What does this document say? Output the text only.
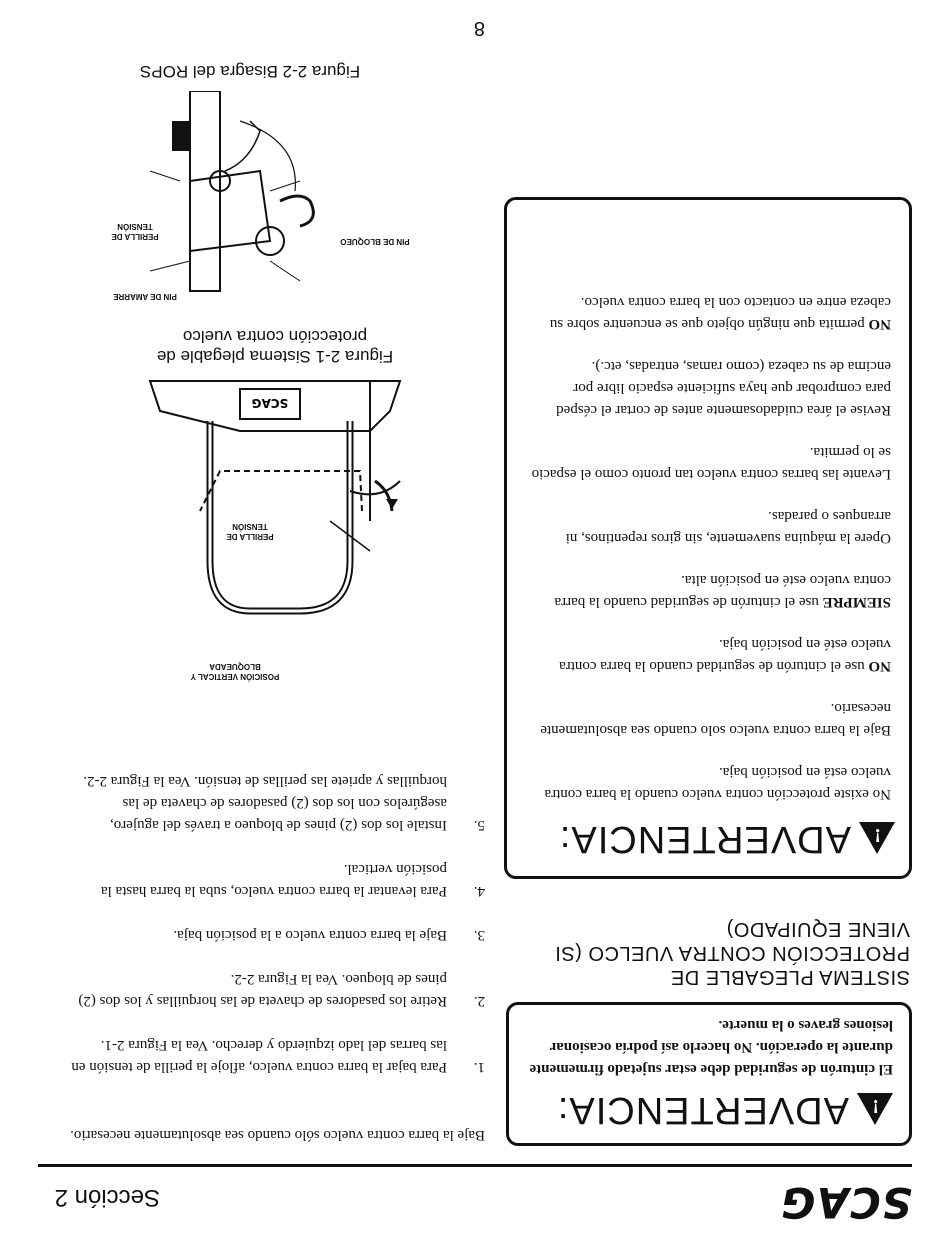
SCAG
Sección 2
!
ADVERTENCIA:
El cinturón de seguridad debe estar sujetado firmemente durante la operación. No hacerlo así podría ocasionar lesiones graves o la muerte.
SISTEMA PLEGABLE DE PROTECCIÓN CONTRA VUELCO (SI VIENE EQUIPADO)
!
ADVERTENCIA:

No existe protección contra vuelco cuando la barra contra vuelco está en posición baja.

Baje la barra contra vuelco solo cuando sea absolutamente necesario.

NO use el cinturón de seguridad cuando la barra contra vuelco esté en posición baja.

SIEMPRE use el cinturón de seguridad cuando la barra contra vuelco esté en posición alta.

Opere la máquina suavemente, sin giros repentinos, ni arranques o paradas.

Levante las barras contra vuelco tan pronto como el espacio se lo permita.

Revise el área cuidadosamente antes de cortar el césped para comprobar que haya suficiente espacio libre por encima de su cabeza (como ramas, entradas, etc.).

NO permita que ningún objeto que se encuentre sobre su cabeza entre en contacto con la barra contra vuelco.

Baje la barra contra vuelco sólo cuando sea absolutamente necesario.
1.
Para bajar la barra contra vuelco, afloje la perilla de tensión en las barras del lado izquierdo y derecho. Vea la Figura 2-1.
2.
Retire los pasadores de chaveta de las horquillas y los dos (2) pines de bloqueo. Vea la Figura 2-2.
3.
Baje la barra contra vuelco a la posición baja.
4.
Para levantar la barra contra vuelco, suba la barra hasta la posición vertical.
5.
Instale los dos (2) pines de bloqueo a través del agujero, asegúrelos con los dos (2) pasadores de chaveta de las horquillas y apriete las perillas de tensión. Vea la Figura 2-2.
SCAG
POSICIÓN VERTICAL Y BLOQUEADA
PERILLA DE TENSIÓN
Figura 2-1 Sistema plegable de protección contra vuelco
PIN DE BLOQUEO
PIN DE AMARRE
PERILLA DE TENSIÓN
Figura 2-2 Bisagra del ROPS
8
